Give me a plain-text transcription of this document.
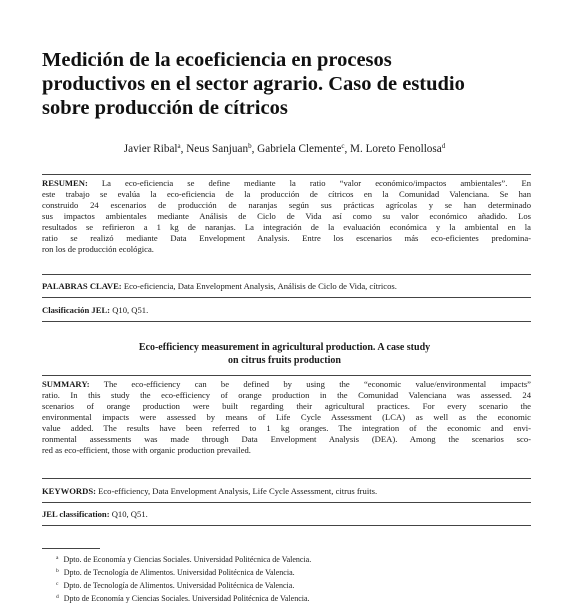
Medición de la ecoeficiencia en procesos
productivos en el sector agrario. Caso de estudio
sobre producción de cítricos
Javier Ribal$^a$, Neus Sanjuan$^b$, Gabriela Clemente$^c$, M. Loreto Fenollosa$^d$
RESUMEN: La eco-eficiencia se define mediante la ratio “valor económico/impactos ambientales”. En
este trabajo se evalúa la eco-eficiencia de la producción de cítricos en la Comunidad Valenciana. Se han
construido 24 escenarios de producción de naranjas según sus prácticas agrícolas y se han determinado
sus impactos ambientales mediante Análisis de Ciclo de Vida así como su valor económico añadido. Los
resultados se refirieron a 1 kg de naranjas. La integración de la evaluación económica y la ambiental en la
ratio se realizó mediante Data Envelopment Analysis. Entre los escenarios más eco-eficientes predomina-
ron los de producción ecológica.
PALABRAS CLAVE: Eco-eficiencia, Data Envelopment Analysis, Análisis de Ciclo de Vida, cítricos.
Clasificación JEL: Q10, Q51.
Eco-efficiency measurement in agricultural production. A case study
on citrus fruits production
SUMMARY: The eco-efficiency can be defined by using the “economic value/environmental impacts”
ratio. In this study the eco-efficiency of orange production in the Comunidad Valenciana was assessed. 24
scenarios of orange production were built regarding their agricultural practices. For every scenario the
environmental impacts were assessed by means of Life Cycle Assessment (LCA) as well as the economic
value added. The results have been referred to 1 kg oranges. The integration of the economic and envi-
ronmental assessments was made through Data Envelopment Analysis (DEA). Among the scenarios sco-
red as eco-efficient, those with organic production prevailed.
KEYWORDS: Eco-efficiency, Data Envelopment Analysis, Life Cycle Assessment, citrus fruits.
JEL classification: Q10, Q51.
$^a$ Dpto. de Economía y Ciencias Sociales. Universidad Politécnica de Valencia.
$^b$ Dpto. de Tecnología de Alimentos. Universidad Politécnica de Valencia.
$^c$ Dpto. de Tecnología de Alimentos. Universidad Politécnica de Valencia.
$^d$ Dpto de Economía y Ciencias Sociales. Universidad Politécnica de Valencia.
